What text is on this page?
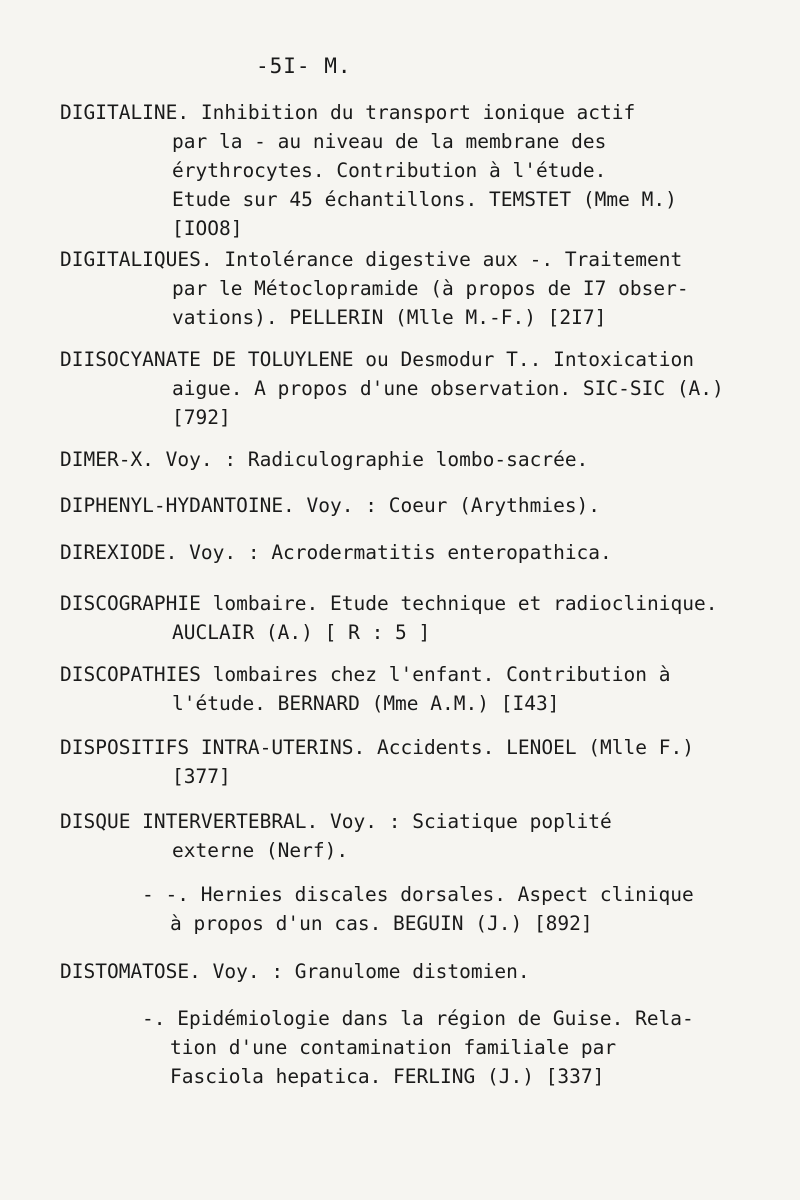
-5I- M.
DIGITALINE. Inhibition du transport ionique actif
par la - au niveau de la membrane des
érythrocytes. Contribution à l'étude.
Etude sur 45 échantillons. TEMSTET (Mme M.)
[IOO8]
DIGITALIQUES. Intolérance digestive aux -. Traitement
par le Métoclopramide (à propos de I7 obser-
vations). PELLERIN (Mlle M.-F.) [2I7]
DIISOCYANATE DE TOLUYLENE ou Desmodur T.. Intoxication
aigue. A propos d'une observation. SIC-SIC (A.)
[792]
DIMER-X. Voy. : Radiculographie lombo-sacrée.
DIPHENYL-HYDANTOINE. Voy. : Coeur (Arythmies).
DIREXIODE. Voy. : Acrodermatitis enteropathica.
DISCOGRAPHIE lombaire. Etude technique et radioclinique.
AUCLAIR (A.) [ R : 5 ]
DISCOPATHIES lombaires chez l'enfant. Contribution à
l'étude. BERNARD (Mme A.M.) [I43]
DISPOSITIFS INTRA-UTERINS. Accidents. LENOEL (Mlle F.)
[377]
DISQUE INTERVERTEBRAL. Voy. : Sciatique poplité
externe (Nerf).
- -. Hernies discales dorsales. Aspect clinique
à propos d'un cas. BEGUIN (J.) [892]
DISTOMATOSE. Voy. : Granulome distomien.
-. Epidémiologie dans la région de Guise. Rela-
tion d'une contamination familiale par
Fasciola hepatica. FERLING (J.) [337]
